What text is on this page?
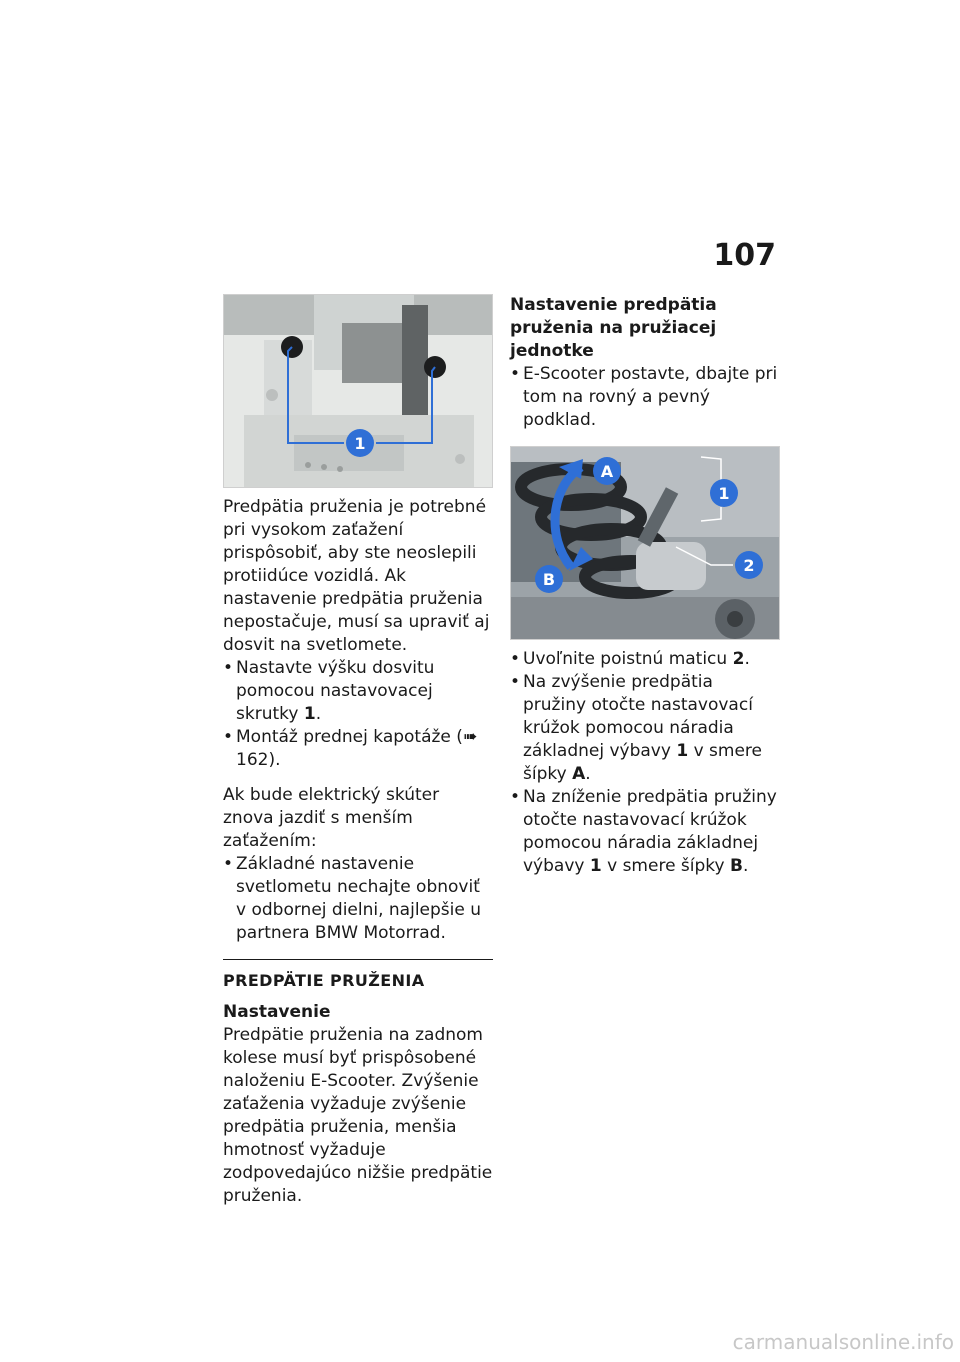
107
1

Predpätia pruženia je potrebné pri vysokom zaťažení prispôsobiť, aby ste neoslepili protiidúce vozidlá. Ak nastavenie predpätia pruženia nepostačuje, musí sa upraviť aj dosvit na svetlomete.

• Nastavte výšku dosvitu pomocou nastavovacej skrutky 1.
• Montáž prednej kapotáže (➠ 162).

Ak bude elektrický skúter znova jazdiť s menším zaťažením:

• Základné nastavenie svetlometu nechajte obnoviť v odbornej dielni, najlepšie u partnera BMW Motorrad.
PREDPÄTIE PRUŽENIA

Nastavenie

Predpätie pruženia na zadnom kolese musí byť prispôsobené naloženiu E-Scooter. Zvýšenie zaťaženia vyžaduje zvýšenie predpätia pruženia, menšia hmotnosť vyžaduje zodpovedajúco nižšie predpätie pruženia.

Nastavenie predpätia pruženia na pružiacej jednotke

• E-Scooter postavte, dbajte pri tom na rovný a pevný podklad.
A
B
1
2
• Uvoľnite poistnú maticu 2.
• Na zvýšenie predpätia pružiny otočte nastavovací krúžok pomocou náradia základnej výbavy 1 v smere šípky A.
• Na zníženie predpätia pružiny otočte nastavovací krúžok pomocou náradia základnej výbavy 1 v smere šípky B.
carmanualsonline.info
